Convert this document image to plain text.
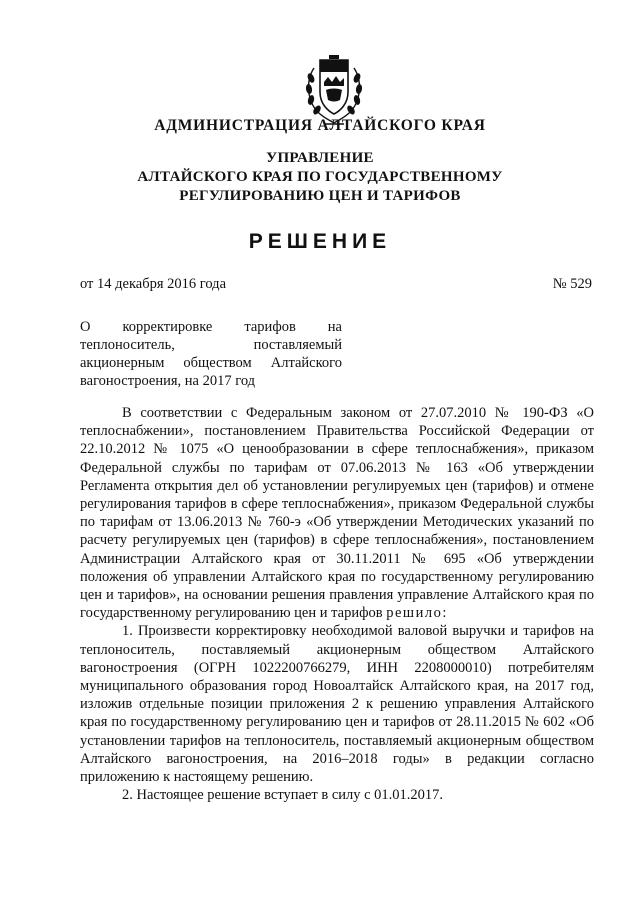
АДМИНИСТРАЦИЯ АЛТАЙСКОГО КРАЯ
УПРАВЛЕНИЕ
АЛТАЙСКОГО КРАЯ ПО ГОСУДАРСТВЕННОМУ
РЕГУЛИРОВАНИЮ ЦЕН И ТАРИФОВ
РЕШЕНИЕ
от 14 декабря 2016 года	№ 529
О корректировке тарифов на теплоноситель, поставляемый акционерным обществом Алтайского вагоностроения, на 2017 год

В соответствии с Федеральным законом от 27.07.2010 № 190-ФЗ «О теплоснабжении», постановлением Правительства Российской Федерации от 22.10.2012 № 1075 «О ценообразовании в сфере теплоснабжения», приказом Федеральной службы по тарифам от 07.06.2013 № 163 «Об утверждении Регламента открытия дел об установлении регулируемых цен (тарифов) и отмене регулирования тарифов в сфере теплоснабжения», приказом Федеральной службы по тарифам от 13.06.2013 № 760-э «Об утверждении Методических указаний по расчету регулируемых цен (тарифов) в сфере теплоснабжения», постановлением Администрации Алтайского края от 30.11.2011 № 695 «Об утверждении положения об управлении Алтайского края по государственному регулированию цен и тарифов», на основании решения правления управление Алтайского края по государственному регулированию цен и тарифов решило:

1. Произвести корректировку необходимой валовой выручки и тарифов на теплоноситель, поставляемый акционерным обществом Алтайского вагоностроения (ОГРН 1022200766279, ИНН 2208000010) потребителям муниципального образования город Новоалтайск Алтайского края, на 2017 год, изложив отдельные позиции приложения 2 к решению управления Алтайского края по государственному регулированию цен и тарифов от 28.11.2015 № 602 «Об установлении тарифов на теплоноситель, поставляемый акционерным обществом Алтайского вагоностроения, на 2016–2018 годы» в редакции согласно приложению к настоящему решению.

2. Настоящее решение вступает в силу с 01.01.2017.
